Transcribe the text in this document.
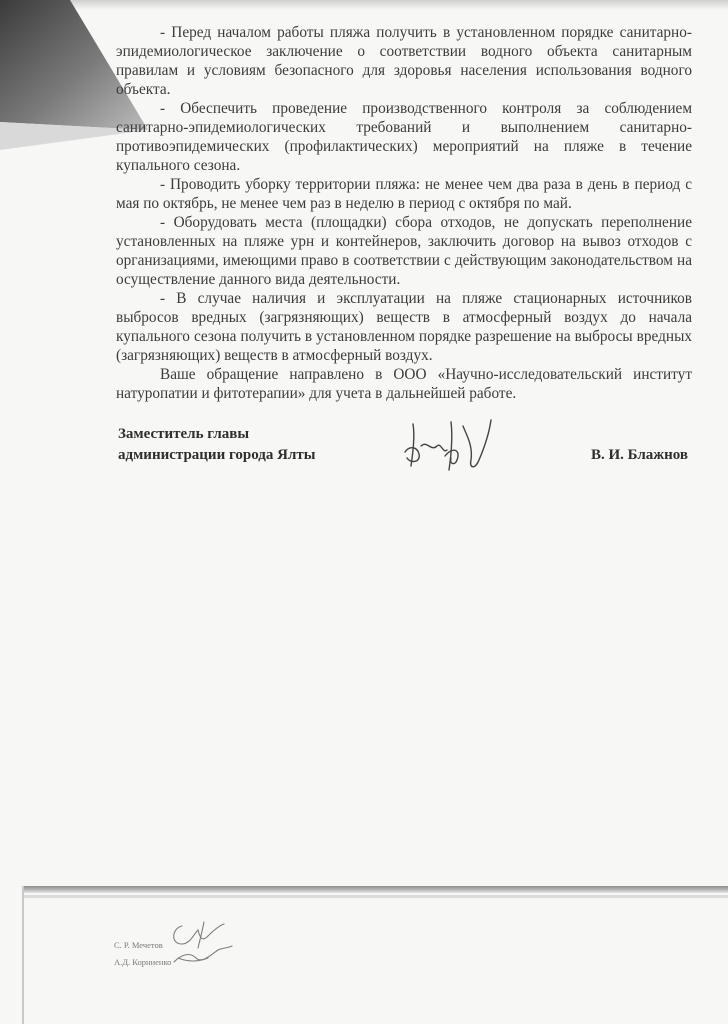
- Перед началом работы пляжа получить в установленном порядке санитарно-эпидемиологическое заключение о соответствии водного объекта санитарным правилам и условиям безопасного для здоровья населения использования водного объекта.

- Обеспечить проведение производственного контроля за соблюдением санитарно-эпидемиологических требований и выполнением санитарно-противоэпидемических (профилактических) мероприятий на пляже в течение купального сезона.

- Проводить уборку территории пляжа: не менее чем два раза в день в период с мая по октябрь, не менее чем раз в неделю в период с октября по май.

- Оборудовать места (площадки) сбора отходов, не допускать переполнение установленных на пляже урн и контейнеров, заключить договор на вывоз отходов с организациями, имеющими право в соответствии с действующим законодательством на осуществление данного вида деятельности.

- В случае наличия и эксплуатации на пляже стационарных источников выбросов вредных (загрязняющих) веществ в атмосферный воздух до начала купального сезона получить в установленном порядке разрешение на выбросы вредных (загрязняющих) веществ в атмосферный воздух.

Ваше обращение направлено в ООО «Научно-исследовательский институт натуропатии и фитотерапии» для учета в дальнейшей работе.

Заместитель главы
администрации города Ялты	В. И. Блажнов
С. Р. Мечетов
А.Д. Корниенко
